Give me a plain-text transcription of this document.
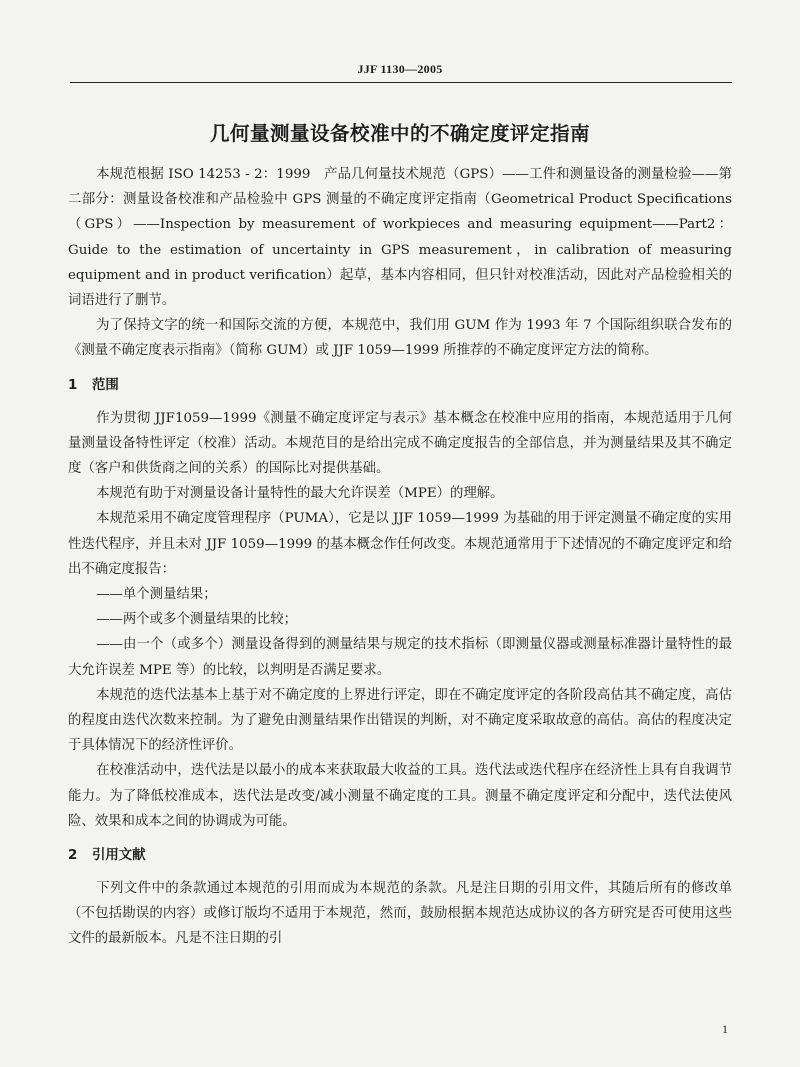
JJF 1130—2005
几何量测量设备校准中的不确定度评定指南

本规范根据 ISO 14253 - 2：1999　产品几何量技术规范（GPS）——工件和测量设备的测量检验——第二部分：测量设备校准和产品检验中 GPS 测量的不确定度评定指南（Geometrical Product Specifications（GPS）——Inspection by measurement of workpieces and measuring equipment——Part2：Guide to the estimation of uncertainty in GPS measurement，in calibration of measuring equipment and in product verification）起草，基本内容相同，但只针对校准活动，因此对产品检验相关的词语进行了删节。

为了保持文字的统一和国际交流的方便，本规范中，我们用 GUM 作为 1993 年 7 个国际组织联合发布的《测量不确定度表示指南》（简称 GUM）或 JJF 1059—1999 所推荐的不确定度评定方法的简称。

1 范围

作为贯彻 JJF1059—1999《测量不确定度评定与表示》基本概念在校准中应用的指南，本规范适用于几何量测量设备特性评定（校准）活动。本规范目的是给出完成不确定度报告的全部信息，并为测量结果及其不确定度（客户和供货商之间的关系）的国际比对提供基础。

本规范有助于对测量设备计量特性的最大允许误差（MPE）的理解。

本规范采用不确定度管理程序（PUMA），它是以 JJF 1059—1999 为基础的用于评定测量不确定度的实用性迭代程序，并且未对 JJF 1059—1999 的基本概念作任何改变。本规范通常用于下述情况的不确定度评定和给出不确定度报告：

——单个测量结果；

——两个或多个测量结果的比较；

——由一个（或多个）测量设备得到的测量结果与规定的技术指标（即测量仪器或测量标准器计量特性的最大允许误差 MPE 等）的比较，以判明是否满足要求。

本规范的迭代法基本上基于对不确定度的上界进行评定，即在不确定度评定的各阶段高估其不确定度，高估的程度由迭代次数来控制。为了避免由测量结果作出错误的判断，对不确定度采取故意的高估。高估的程度决定于具体情况下的经济性评价。

在校准活动中，迭代法是以最小的成本来获取最大收益的工具。迭代法或迭代程序在经济性上具有自我调节能力。为了降低校准成本，迭代法是改变/减小测量不确定度的工具。测量不确定度评定和分配中，迭代法使风险、效果和成本之间的协调成为可能。

2 引用文献

下列文件中的条款通过本规范的引用而成为本规范的条款。凡是注日期的引用文件，其随后所有的修改单（不包括勘误的内容）或修订版均不适用于本规范，然而，鼓励根据本规范达成协议的各方研究是否可使用这些文件的最新版本。凡是不注日期的引

1
